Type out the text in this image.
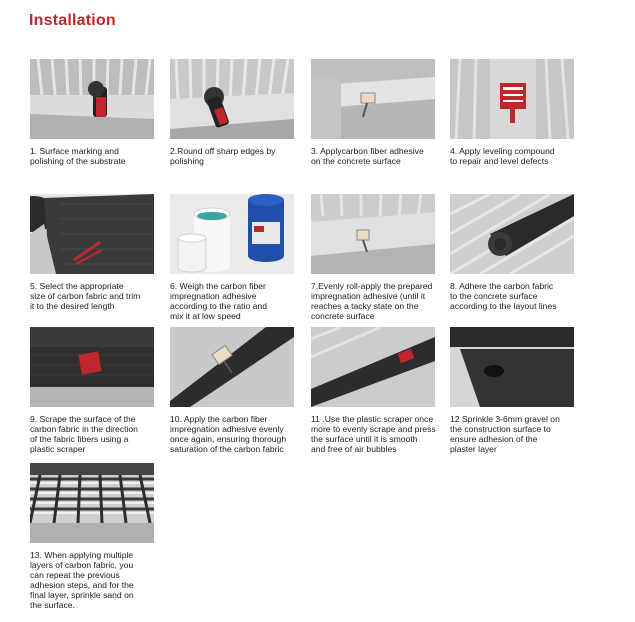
Installation
1. Surface marking and
polishing of the substrate
2.Round off sharp edges by
polishing
3. Applycarbon fiber adhesive
on the concrete surface
4. Apply leveling compound
to repair and level defects
5. Select the appropriate
size of carbon fabric and trim
it to the desired length
6. Weigh the carbon fiber
impregnation adhesive
according to the ratio and
mix it at low speed
7.Evenly roll-apply the prepared
impregnation adhesive (until it
reaches a tacky state on the
concrete surface
8. Adhere the carbon fabric
to the concrete surface
according to the layout lines
9. Scrape the surface of the
carbon fabric in the direction
of the fabric fibers using a
plastic scraper
10. Apply the carbon fiber
impregnation adhesive evenly
once again, ensuring thorough
saturation of the carbon fabric
11 .Use the plastic scraper once
more to evenly scrape and press
the surface until it is smooth
and free of air bubbles
12 Sprinkle 3-6mm gravel on
the construction surface to
ensure adhesion of the
plaster layer
13. When applying multiple
layers of carbon fabric, you
can repeat the previous
adhesion steps, and for the
final layer, sprinkle sand on
the surface.
